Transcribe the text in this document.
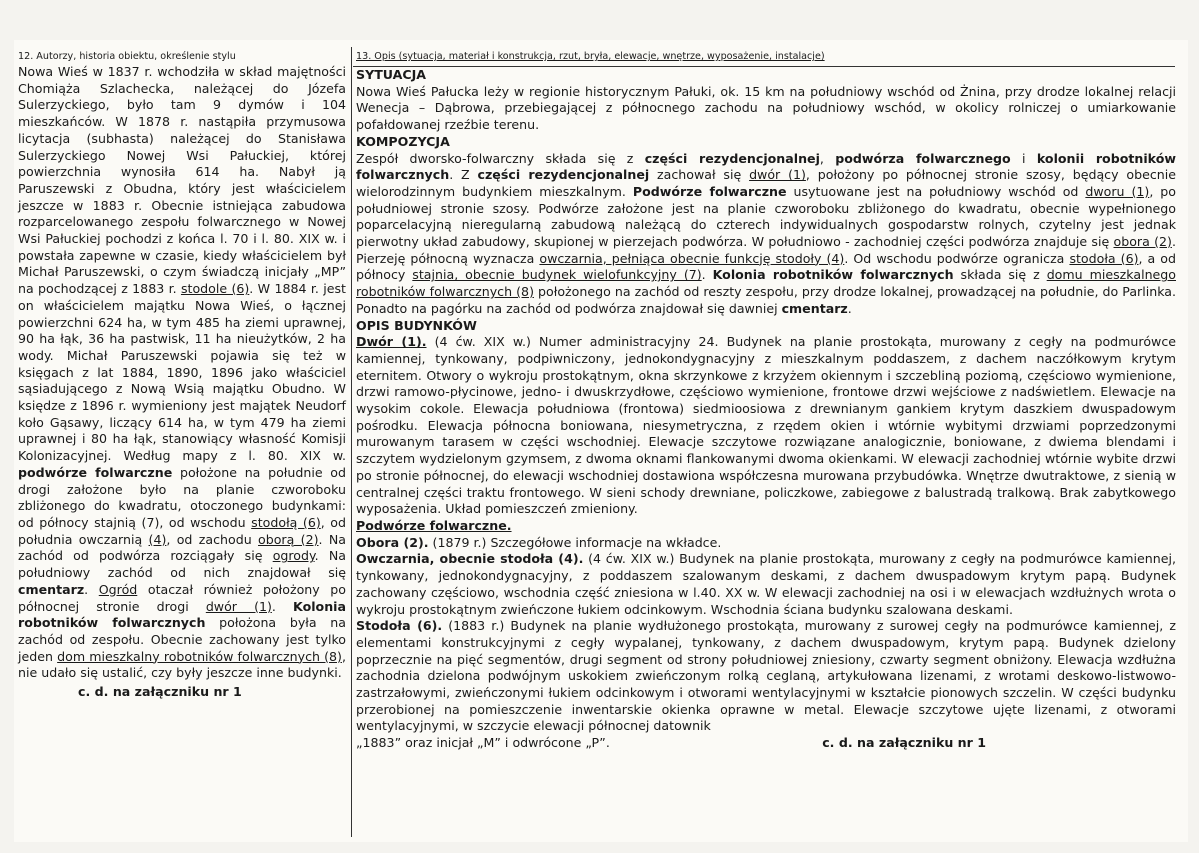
12. Autorzy, historia obiektu, określenie stylu

Nowa Wieś w 1837 r. wchodziła w skład majętności Chomiąża Szlacheckа, należącej do Józefa Sulerzyckiego, było tam 9 dymów i 104 mieszkańców. W 1878 r. nastąpiła przymusowa licytacja (subhasta) należącej do Stanisława Sulerzyckiego Nowej Wsi Pałuckiej, której powierzchnia wynosiła 614 ha. Nabył ją Paruszewski z Obudna, który jest właścicielem jeszcze w 1883 r. Obecnie istniejąca zabudowa rozparcelowanego zespołu folwarcznego w Nowej Wsi Pałuckiej pochodzi z końca l. 70 i l. 80. XIX w. i powstała zapewne w czasie, kiedy właścicielem był Michał Paruszewski, o czym świadczą inicjały „MP” na pochodzącej z 1883 r. stodole (6). W 1884 r. jest on właścicielem majątku Nowa Wieś, o łącznej powierzchni 624 ha, w tym 485 ha ziemi uprawnej, 90 ha łąk, 36 ha pastwisk, 11 ha nieużytków, 2 ha wody. Michał Paruszewski pojawia się też w księgach z lat 1884, 1890, 1896 jako właściciel sąsiadującego z Nową Wsią majątku Obudno. W księdze z 1896 r. wymieniony jest majątek Neudorf koło Gąsawy, liczący 614 ha, w tym 479 ha ziemi uprawnej i 80 ha łąk, stanowiący własność Komisji Kolonizacyjnej. Według mapy z l. 80. XIX w. podwórze folwarczne położone na południe od drogi założone było na planie czworoboku zbliżonego do kwadratu, otoczonego budynkami: od północy stajnią (7), od wschodu stodołą (6), od południa owczarnią (4), od zachodu oborą (2). Na zachód od podwórza rozciągały się ogrody. Na południowy zachód od nich znajdował się cmentarz. Ogród otaczał również położony po północnej stronie drogi dwór (1). Kolonia robotników folwarcznych położona była na zachód od zespołu. Obecnie zachowany jest tylko jeden dom mieszkalny robotników folwarcznych (8), nie udało się ustalić, czy były jeszcze inne budynki.

c. d. na załączniku nr 1
13. Opis (sytuacja, materiał i konstrukcja, rzut, bryła, elewacje, wnętrze, wyposażenie, instalacje)

SYTUACJA

Nowa Wieś Pałucka leży w regionie historycznym Pałuki, ok. 15 km na południowy wschód od Żnina, przy drodze lokalnej relacji Wenecja – Dąbrowa, przebiegającej z północnego zachodu na południowy wschód, w okolicy rolniczej o umiarkowanie pofałdowanej rzeźbie terenu.

KOMPOZYCJA

Zespół dworsko-folwarczny składa się z części rezydencjonalnej, podwórza folwarcznego i kolonii robotników folwarcznych. Z części rezydencjonalnej zachował się dwór (1), położony po północnej stronie szosy, będący obecnie wielorodzinnym budynkiem mieszkalnym. Podwórze folwarczne usytuowane jest na południowy wschód od dworu (1), po południowej stronie szosy. Podwórze założone jest na planie czworoboku zbliżonego do kwadratu, obecnie wypełnionego poparcelacyjną nieregularną zabudową należącą do czterech indywidualnych gospodarstw rolnych, czytelny jest jednak pierwotny układ zabudowy, skupionej w pierzejach podwórza. W południowo - zachodniej części podwórza znajduje się obora (2). Pierzeję północną wyznacza owczarnia, pełniąca obecnie funkcję stodoły (4). Od wschodu podwórze ogranicza stodoła (6), a od północy stajnia, obecnie budynek wielofunkcyjny (7). Kolonia robotników folwarcznych składa się z domu mieszkalnego robotników folwarcznych (8) położonego na zachód od reszty zespołu, przy drodze lokalnej, prowadzącej na południe, do Parlinka. Ponadto na pagórku na zachód od podwórza znajdował się dawniej cmentarz.

OPIS BUDYNKÓW

Dwór (1). (4 ćw. XIX w.) Numer administracyjny 24. Budynek na planie prostokąta, murowany z cegły na podmurówce kamiennej, tynkowany, podpiwniczony, jednokondygnacyjny z mieszkalnym poddaszem, z dachem naczółkowym krytym eternitem. Otwory o wykroju prostokątnym, okna skrzynkowe z krzyżem okiennym i szczebliną poziomą, częściowo wymienione, drzwi ramowo-płycinowe, jedno- i dwuskrzydłowe, częściowo wymienione, frontowe drzwi wejściowe z nadświetlem. Elewacje na wysokim cokole. Elewacja południowa (frontowa) siedmioosiowa z drewnianym gankiem krytym daszkiem dwuspadowym pośrodku. Elewacja północna boniowana, niesymetryczna, z rzędem okien i wtórnie wybitymi drzwiami poprzedzonymi murowanym tarasem w części wschodniej. Elewacje szczytowe rozwiązane analogicznie, boniowane, z dwiema blendami i szczytem wydzielonym gzymsem, z dwoma oknami flankowanymi dwoma okienkami. W elewacji zachodniej wtórnie wybite drzwi po stronie północnej, do elewacji wschodniej dostawiona współczesna murowana przybudówka. Wnętrze dwutraktowe, z sienią w centralnej części traktu frontowego. W sieni schody drewniane, policzkowe, zabiegowe z balustradą tralkową. Brak zabytkowego wyposażenia. Układ pomieszczeń zmieniony.

Podwórze folwarczne.

Obora (2). (1879 r.) Szczegółowe informacje na wkładce.

Owczarnia, obecnie stodoła (4). (4 ćw. XIX w.) Budynek na planie prostokąta, murowany z cegły na podmurówce kamiennej, tynkowany, jednokondygnacyjny, z poddaszem szalowanym deskami, z dachem dwuspadowym krytym papą. Budynek zachowany częściowo, wschodnia część zniesiona w l.40. XX w. W elewacji zachodniej na osi i w elewacjach wzdłużnych wrota o wykroju prostokątnym zwieńczone łukiem odcinkowym. Wschodnia ściana budynku szalowana deskami.

Stodoła (6). (1883 r.) Budynek na planie wydłużonego prostokąta, murowany z surowej cegły na podmurówce kamiennej, z elementami konstrukcyjnymi z cegły wypalanej, tynkowany, z dachem dwuspadowym, krytym papą. Budynek dzielony poprzecznie na pięć segmentów, drugi segment od strony południowej zniesiony, czwarty segment obniżony. Elewacja wzdłużna zachodnia dzielona podwójnym uskokiem zwieńczonym rolką ceglaną, artykułowana lizenami, z wrotami deskowo-listwowo-zastrzałowymi, zwieńczonymi łukiem odcinkowym i otworami wentylacyjnymi w kształcie pionowych szczelin. W części budynku przerobionej na pomieszczenie inwentarskie okienka oprawne w metal. Elewacje szczytowe ujęte lizenami, z otworami wentylacyjnymi, w szczycie elewacji północnej datownik

„1883” oraz inicjał „M” i odwrócone „P”.	c. d. na załączniku nr 1
